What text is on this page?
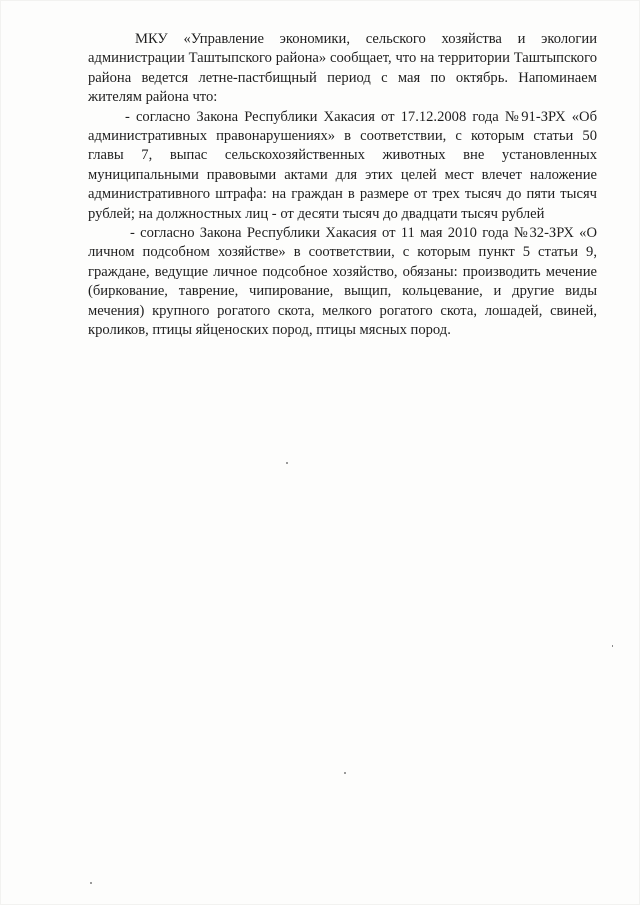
МКУ «Управление экономики, сельского хозяйства и экологии администрации Таштыпского района» сообщает, что на территории Таштыпского района ведется летне-пастбищный период с мая по октябрь. Напоминаем жителям района что:

- согласно Закона Республики Хакасия от 17.12.2008 года №91-ЗРХ «Об административных правонарушениях» в соответствии, с которым статьи 50 главы 7, выпас сельскохозяйственных животных вне установленных муниципальными правовыми актами для этих целей мест влечет наложение административного штрафа: на граждан в размере от трех тысяч до пяти тысяч рублей; на должностных лиц - от десяти тысяч до двадцати тысяч рублей

- согласно Закона Республики Хакасия от 11 мая 2010 года №32-ЗРХ «О личном подсобном хозяйстве» в соответствии, с которым пункт 5 статьи 9, граждане, ведущие личное подсобное хозяйство, обязаны: производить мечение (биркование, таврение, чипирование, выщип, кольцевание, и другие виды мечения) крупного рогатого скота, мелкого рогатого скота, лошадей, свиней, кроликов, птицы яйценоских пород, птицы мясных пород.
